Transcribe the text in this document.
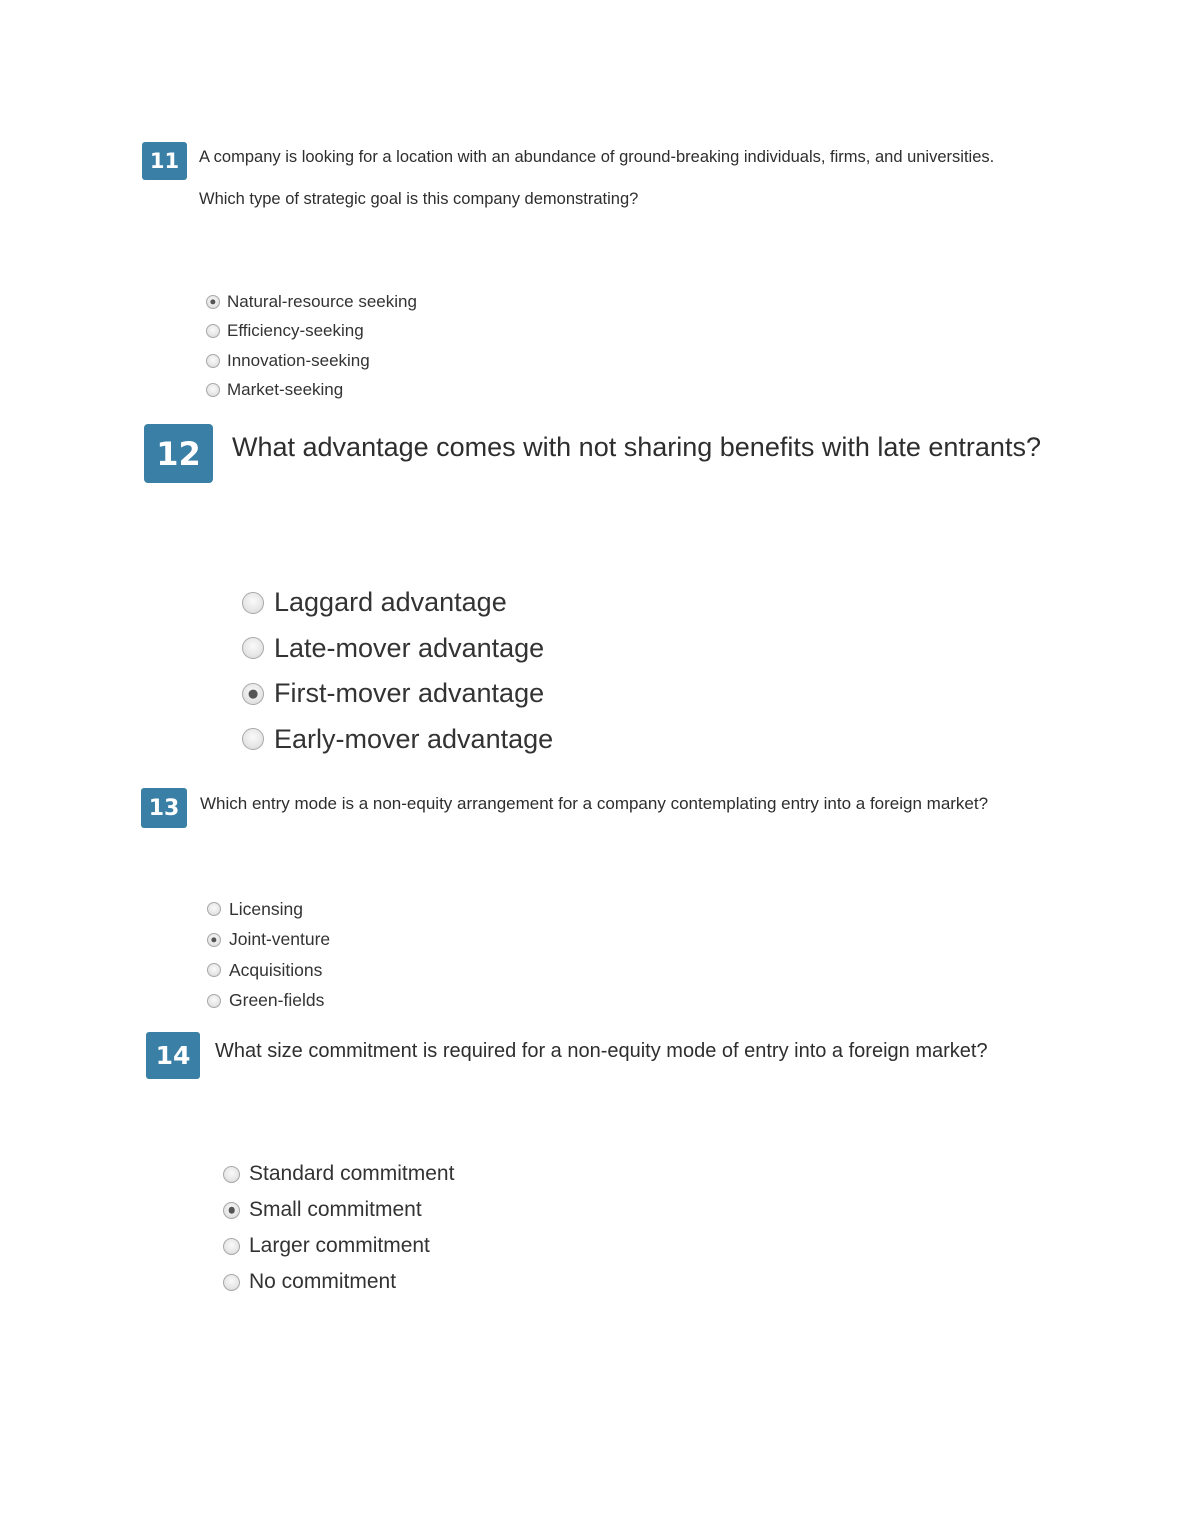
11	A company is looking for a location with an abundance of ground-breaking individuals, firms, and universities.

Which type of strategic goal is this company demonstrating?

Natural-resource seeking
Efficiency-seeking
Innovation-seeking
Market-seeking
12	What advantage comes with not sharing benefits with late entrants?

Laggard advantage
Late-mover advantage
First-mover advantage
Early-mover advantage
13	Which entry mode is a non-equity arrangement for a company contemplating entry into a foreign market?

Licensing
Joint-venture
Acquisitions
Green-fields
14	What size commitment is required for a non-equity mode of entry into a foreign market?

Standard commitment
Small commitment
Larger commitment
No commitment
